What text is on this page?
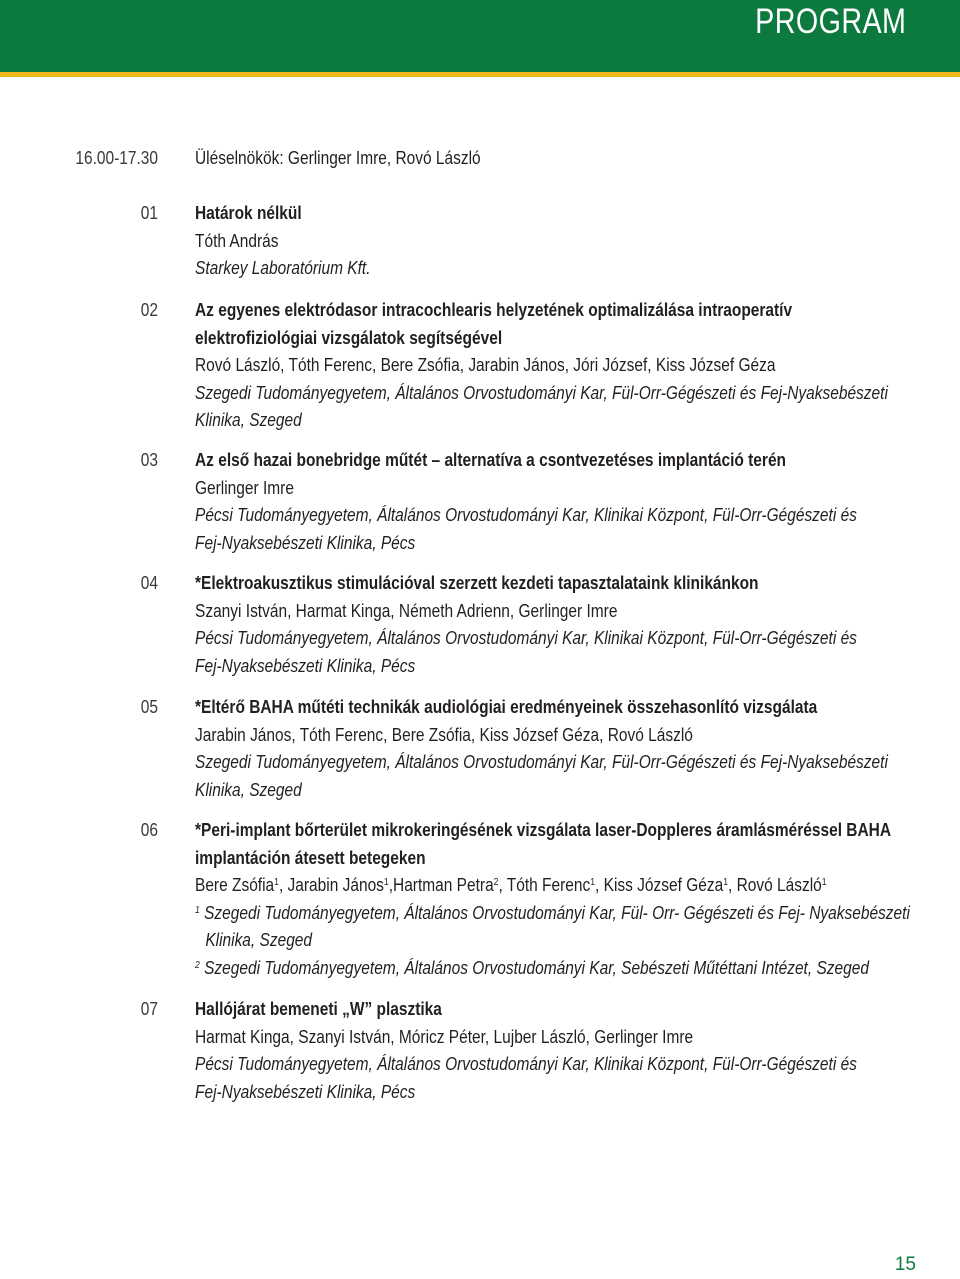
PROGRAM
16.00-17.30 Üléselnökök: Gerlinger Imre, Rovó László
01 Határok nélkül
Tóth András
Starkey Laboratórium Kft.
02 Az egyenes elektródasor intracochlearis helyzetének optimalizálása intraoperatív
elektrofiziológiai vizsgálatok segítségével
Rovó László, Tóth Ferenc, Bere Zsófia, Jarabin János, Jóri József, Kiss József Géza
Szegedi Tudományegyetem, Általános Orvostudományi Kar, Fül-Orr-Gégészeti és Fej-Nyaksebészeti
Klinika, Szeged
03 Az első hazai bonebridge műtét – alternatíva a csontvezetéses implantáció terén
Gerlinger Imre
Pécsi Tudományegyetem, Általános Orvostudományi Kar, Klinikai Központ, Fül-Orr-Gégészeti és
Fej-Nyaksebészeti Klinika, Pécs
04 *Elektroakusztikus stimulációval szerzett kezdeti tapasztalataink klinikánkon
Szanyi István, Harmat Kinga, Németh Adrienn, Gerlinger Imre
Pécsi Tudományegyetem, Általános Orvostudományi Kar, Klinikai Központ, Fül-Orr-Gégészeti és
Fej-Nyaksebészeti Klinika, Pécs
05 *Eltérő BAHA műtéti technikák audiológiai eredményeinek összehasonlító vizsgálata
Jarabin János, Tóth Ferenc, Bere Zsófia, Kiss József Géza, Rovó László
Szegedi Tudományegyetem, Általános Orvostudományi Kar, Fül-Orr-Gégészeti és Fej-Nyaksebészeti
Klinika, Szeged
06 *Peri-implant bőrterület mikrokeringésének vizsgálata laser-Doppleres áramlásméréssel BAHA
implantáción átesett betegeken
Bere Zsófia$^1$, Jarabin János$^1$,Hartman Petra$^2$, Tóth Ferenc$^1$, Kiss József Géza$^1$, Rovó László$^1$
$^1$ Szegedi Tudományegyetem, Általános Orvostudományi Kar, Fül- Orr- Gégészeti és Fej- Nyaksebészeti
Klinika, Szeged
$^2$ Szegedi Tudományegyetem, Általános Orvostudományi Kar, Sebészeti Műtéttani Intézet, Szeged
07 Hallójárat bemeneti „W” plasztika
Harmat Kinga, Szanyi István, Móricz Péter, Lujber László, Gerlinger Imre
Pécsi Tudományegyetem, Általános Orvostudományi Kar, Klinikai Központ, Fül-Orr-Gégészeti és
Fej-Nyaksebészeti Klinika, Pécs
15
